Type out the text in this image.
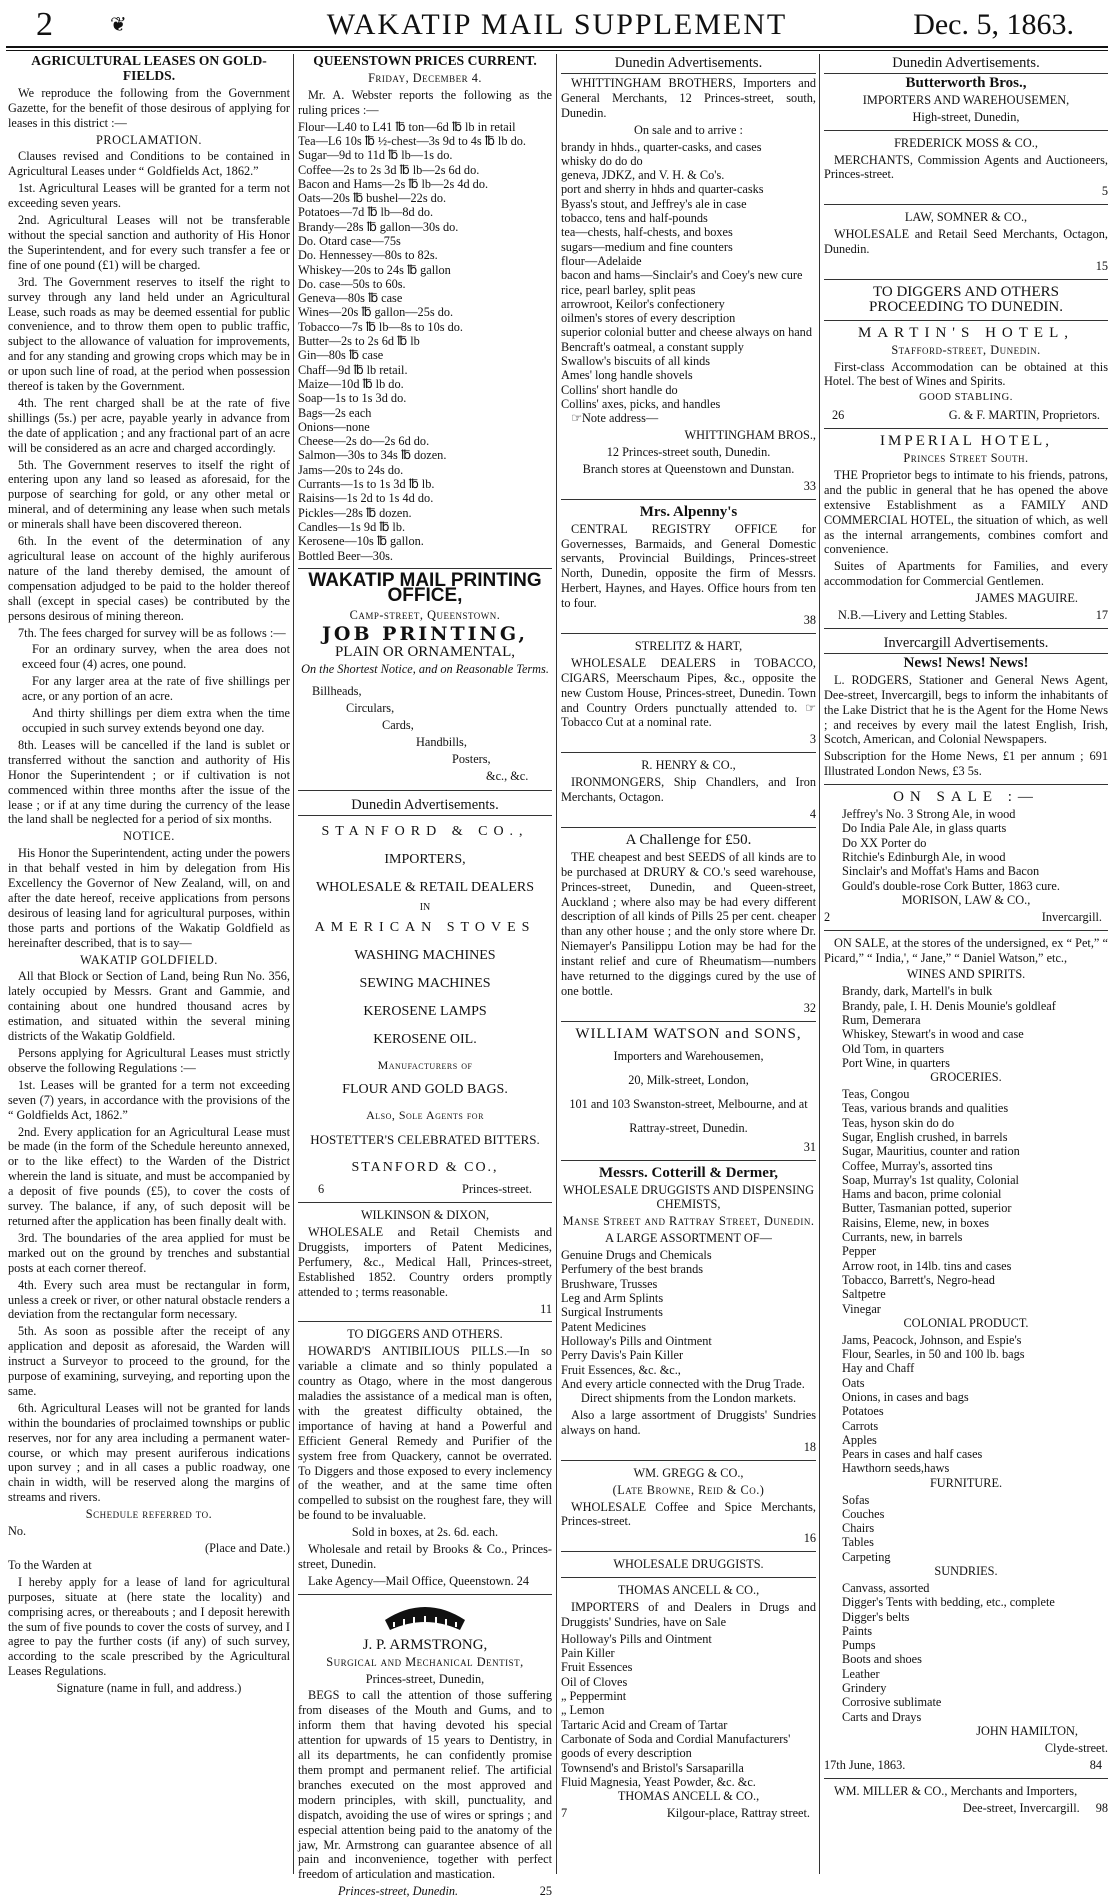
2	❦	WAKATIP MAIL SUPPLEMENT	Dec. 5, 1863.

AGRICULTURAL LEASES ON GOLD-FIELDS.

We reproduce the following from the Government Gazette, for the benefit of those desirous of applying for leases in this district :—

PROCLAMATION.

Clauses revised and Conditions to be contained in Agricultural Leases under “ Goldfields Act, 1862.”

1st. Agricultural Leases will be granted for a term not exceeding seven years.

2nd. Agricultural Leases will not be transferable without the special sanction and authority of His Honor the Superintendent, and for every such transfer a fee or fine of one pound (£1) will be charged.

3rd. The Government reserves to itself the right to survey through any land held under an Agricultural Lease, such roads as may be deemed essential for public convenience, and to throw them open to public traffic, subject to the allowance of valuation for improvements, and for any standing and growing crops which may be in or upon such line of road, at the period when possession thereof is taken by the Government.

4th. The rent charged shall be at the rate of five shillings (5s.) per acre, payable yearly in advance from the date of application ; and any fractional part of an acre will be considered as an acre and charged accordingly.

5th. The Government reserves to itself the right of entering upon any land so leased as aforesaid, for the purpose of searching for gold, or any other metal or mineral, and of determining any lease when such metals or minerals shall have been discovered thereon.

6th. In the event of the determination of any agricultural lease on account of the highly auriferous nature of the land thereby demised, the amount of compensation adjudged to be paid to the holder thereof shall (except in special cases) be contributed by the persons desirous of mining thereon.

7th. The fees charged for survey will be as follows :—

For an ordinary survey, when the area does not exceed four (4) acres, one pound.

For any larger area at the rate of five shillings per acre, or any portion of an acre.

And thirty shillings per diem extra when the time occupied in such survey extends beyond one day.

8th. Leases will be cancelled if the land is sublet or transferred without the sanction and authority of His Honor the Superintendent ; or if cultivation is not commenced within three months after the issue of the lease ; or if at any time during the currency of the lease the land shall be neglected for a period of six months.

NOTICE.

His Honor the Superintendent, acting under the powers in that behalf vested in him by delegation from His Excellency the Governor of New Zealand, will, on and after the date hereof, receive applications from persons desirous of leasing land for agricultural purposes, within those parts and portions of the Wakatip Goldfield as hereinafter described, that is to say—

WAKATIP GOLDFIELD.

All that Block or Section of Land, being Run No. 356, lately occupied by Messrs. Grant and Gammie, and containing about one hundred thousand acres by estimation, and situated within the several mining districts of the Wakatip Goldfield.

Persons applying for Agricultural Leases must strictly observe the following Regulations :—

1st. Leases will be granted for a term not exceeding seven (7) years, in accordance with the provisions of the “ Goldfields Act, 1862.”

2nd. Every application for an Agricultural Lease must be made (in the form of the Schedule hereunto annexed, or to the like effect) to the Warden of the District wherein the land is situate, and must be accompanied by a deposit of five pounds (£5), to cover the costs of survey. The balance, if any, of such deposit will be returned after the application has been finally dealt with.

3rd. The boundaries of the area applied for must be marked out on the ground by trenches and substantial posts at each corner thereof.

4th. Every such area must be rectangular in form, unless a creek or river, or other natural obstacle renders a deviation from the rectangular form necessary.

5th. As soon as possible after the receipt of any application and deposit as aforesaid, the Warden will instruct a Surveyor to proceed to the ground, for the purpose of examining, surveying, and reporting upon the same.

6th. Agricultural Leases will not be granted for lands within the boundaries of proclaimed townships or public reserves, nor for any area including a permanent water-course, or which may present auriferous indications upon survey ; and in all cases a public roadway, one chain in width, will be reserved along the margins of streams and rivers.

Schedule referred to.

No.

(Place and Date.)

To the Warden at

I hereby apply for a lease of land for agricultural purposes, situate at (here state the locality) and comprising acres, or thereabouts ; and I deposit herewith the sum of five pounds to cover the costs of survey, and I agree to pay the further costs (if any) of such survey, according to the scale prescribed by the Agricultural Leases Regulations.

Signature (name in full, and address.)

QUEENSTOWN PRICES CURRENT.

Friday, December 4.

Mr. A. Webster reports the following as the ruling prices :—

Flour—L40 to L41 ℔ ton—6d ℔ lb in retail
Tea—L6 10s ℔ ½-chest—3s 9d to 4s ℔ lb do.
Sugar—9d to 11d ℔ lb—1s do.
Coffee—2s to 2s 3d ℔ lb—2s 6d do.
Bacon and Hams—2s ℔ lb—2s 4d do.
Oats—20s ℔ bushel—22s do.
Potatoes—7d ℔ lb—8d do.
Brandy—28s ℔ gallon—30s do.
Do. Otard case—75s
Do. Hennessey—80s to 82s.
Whiskey—20s to 24s ℔ gallon
Do. case—50s to 60s.
Geneva—80s ℔ case
Wines—20s ℔ gallon—25s do.
Tobacco—7s ℔ lb—8s to 10s do.
Butter—2s to 2s 6d ℔ lb
Gin—80s ℔ case
Chaff—9d ℔ lb retail.
Maize—10d ℔ lb do.
Soap—1s to 1s 3d do.
Bags—2s each
Onions—none
Cheese—2s do—2s 6d do.
Salmon—30s to 34s ℔ dozen.
Jams—20s to 24s do.
Currants—1s to 1s 3d ℔ lb.
Raisins—1s 2d to 1s 4d do.
Pickles—28s ℔ dozen.
Candles—1s 9d ℔ lb.
Kerosene—10s ℔ gallon.
Bottled Beer—30s.
WAKATIP MAIL PRINTING OFFICE,

Camp-street, Queenstown.

JOB PRINTING,

PLAIN OR ORNAMENTAL,

On the Shortest Notice, and on Reasonable Terms.

Billheads,
Circulars,
Cards,
Handbills,
Posters,
&c., &c.

Dunedin Advertisements.

STANFORD & CO.,
IMPORTERS,
WHOLESALE & RETAIL DEALERS
IN
AMERICAN STOVES
WASHING MACHINES
SEWING MACHINES
KEROSENE LAMPS
KEROSENE OIL.
Manufacturers of
FLOUR AND GOLD BAGS.
Also, Sole Agents for
HOSTETTER'S CELEBRATED BITTERS.
STANFORD & CO.,
6	Princes-street.

WILKINSON & DIXON,

WHOLESALE and Retail Chemists and Druggists, importers of Patent Medicines, Perfumery, &c., Medical Hall, Princes-street, Established 1852. Country orders promptly attended to ; terms reasonable.

11

TO DIGGERS AND OTHERS.

HOWARD'S ANTIBILIOUS PILLS.—In so variable a climate and so thinly populated a country as Otago, where in the most dangerous maladies the assistance of a medical man is often, with the greatest difficulty obtained, the importance of having at hand a Powerful and Efficient General Remedy and Purifier of the system free from Quackery, cannot be overrated. To Diggers and those exposed to every inclemency of the weather, and at the same time often compelled to subsist on the roughest fare, they will be found to be invaluable.

Sold in boxes, at 2s. 6d. each.

Wholesale and retail by Brooks & Co., Princes-street, Dunedin.

Lake Agency—Mail Office, Queenstown. 24

J. P. ARMSTRONG,

Surgical and Mechanical Dentist,

Princes-street, Dunedin,

BEGS to call the attention of those suffering from diseases of the Mouth and Gums, and to inform them that having devoted his special attention for upwards of 15 years to Dentistry, in all its departments, he can confidently promise them prompt and permanent relief. The artificial branches executed on the most approved and modern principles, with skill, punctuality, and dispatch, avoiding the use of wires or springs ; and especial attention being paid to the anatomy of the jaw, Mr. Armstrong can guarantee absence of all pain and inconvenience, together with perfect freedom of articulation and mastication.

Princes-street, Dunedin.	25

Dunedin Advertisements.

WHITTINGHAM BROTHERS, Importers and General Merchants, 12 Princes-street, south, Dunedin.

On sale and to arrive :

brandy in hhds., quarter-casks, and cases
whisky do do do
geneva, JDKZ, and V. H. & Co's.
port and sherry in hhds and quarter-casks
Byass's stout, and Jeffrey's ale in case
tobacco, tens and half-pounds
tea—chests, half-chests, and boxes
sugars—medium and fine counters
flour—Adelaide
bacon and hams—Sinclair's and Coey's new cure
rice, pearl barley, split peas
arrowroot, Keilor's confectionery
oilmen's stores of every description
superior colonial butter and cheese always on hand
Bencraft's oatmeal, a constant supply
Swallow's biscuits of all kinds
Ames' long handle shovels
Collins' short handle do
Collins' axes, picks, and handles

☞Note address—

WHITTINGHAM BROS.,

12 Princes-street south, Dunedin.

Branch stores at Queenstown and Dunstan.

33

Mrs. Alpenny's

CENTRAL REGISTRY OFFICE for Governesses, Barmaids, and General Domestic servants, Provincial Buildings, Princes-street North, Dunedin, opposite the firm of Messrs. Herbert, Haynes, and Hayes. Office hours from ten to four.

38

STRELITZ & HART,

WHOLESALE DEALERS in TOBACCO, CIGARS, Meerschaum Pipes, &c., opposite the new Custom House, Princes-street, Dunedin. Town and Country Orders punctually attended to. ☞ Tobacco Cut at a nominal rate.

3

R. HENRY & CO.,

IRONMONGERS, Ship Chandlers, and Iron Merchants, Octagon.

4

A Challenge for £50.

THE cheapest and best SEEDS of all kinds are to be purchased at DRURY & CO.'s seed warehouse, Princes-street, Dunedin, and Queen-street, Auckland ; where also may be had every different description of all kinds of Pills 25 per cent. cheaper than any other house ; and the only store where Dr. Niemayer's Pansilippu Lotion may be had for the instant relief and cure of Rheumatism—numbers have returned to the diggings cured by the use of one bottle.

32

WILLIAM WATSON and SONS,

Importers and Warehousemen,
20, Milk-street, London,
101 and 103 Swanston-street, Melbourne, and at
Rattray-street, Dunedin.

31

Messrs. Cotterill & Dermer,

WHOLESALE DRUGGISTS AND DISPENSING CHEMISTS,

Manse Street and Rattray Street, Dunedin.

A LARGE ASSORTMENT OF—

Genuine Drugs and Chemicals
Perfumery of the best brands
Brushware, Trusses
Leg and Arm Splints
Surgical Instruments
Patent Medicines
Holloway's Pills and Ointment
Perry Davis's Pain Killer
Fruit Essences, &c. &c.,
And every article connected with the Drug Trade.

Direct shipments from the London markets.

Also a large assortment of Druggists' Sundries always on hand.

18

WM. GREGG & CO.,

(Late Browne, Reid & Co.)

WHOLESALE Coffee and Spice Merchants, Princes-street.

16

WHOLESALE DRUGGISTS.

THOMAS ANCELL & CO.,

IMPORTERS of and Dealers in Drugs and Druggists' Sundries, have on Sale

Holloway's Pills and Ointment
Pain Killer
Fruit Essences
Oil of Cloves
„ Peppermint
„ Lemon
Tartaric Acid and Cream of Tartar
Carbonate of Soda and Cordial Manufacturers' goods of every description
Townsend's and Bristol's Sarsaparilla
Fluid Magnesia, Yeast Powder, &c. &c.

THOMAS ANCELL & CO.,

7	Kilgour-place, Rattray street.

Dunedin Advertisements.

Butterworth Bros.,

IMPORTERS AND WAREHOUSEMEN,

High-street, Dunedin,

FREDERICK MOSS & CO.,

MERCHANTS, Commission Agents and Auctioneers, Princes-street.

5

LAW, SOMNER & CO.,

WHOLESALE and Retail Seed Merchants, Octagon, Dunedin.

15

TO DIGGERS AND OTHERS PROCEEDING TO DUNEDIN.

MARTIN'S HOTEL,

Stafford-street, Dunedin.

First-class Accommodation can be obtained at this Hotel. The best of Wines and Spirits.

GOOD STABLING.

26	G. & F. MARTIN, Proprietors.

IMPERIAL HOTEL,

Princes Street South.

THE Proprietor begs to intimate to his friends, patrons, and the public in general that he has opened the above extensive Establishment as a FAMILY AND COMMERCIAL HOTEL, the situation of which, as well as the internal arrangements, combines comfort and convenience.

Suites of Apartments for Families, and every accommodation for Commercial Gentlemen.

JAMES MAGUIRE.

N.B.—Livery and Letting Stables.	17

Invercargill Advertisements.

News! News! News!

L. RODGERS, Stationer and General News Agent, Dee-street, Invercargill, begs to inform the inhabitants of the Lake District that he is the Agent for the Home News ; and receives by every mail the latest English, Irish, Scotch, American, and Colonial Newspapers.

Subscription for the Home News, £1 per annum ; Illustrated London News, £3 5s.
691

ON SALE :—

Jeffrey's No. 3 Strong Ale, in wood
Do India Pale Ale, in glass quarts
Do XX Porter do
Ritchie's Edinburgh Ale, in wood
Sinclair's and Moffat's Hams and Bacon
Gould's double-rose Cork Butter, 1863 cure.

MORISON, LAW & CO.,

2	Invercargill.

ON SALE, at the stores of the undersigned, ex “ Pet,” “ Picard,” “ India,', “ Jane,” “ Daniel Watson,” etc.,

WINES AND SPIRITS.

Brandy, dark, Martell's in bulk
Brandy, pale, I. H. Denis Mounie's goldleaf
Rum, Demerara
Whiskey, Stewart's in wood and case
Old Tom, in quarters
Port Wine, in quarters

GROCERIES.

Teas, Congou
Teas, various brands and qualities
Teas, hyson skin do do
Sugar, English crushed, in barrels
Sugar, Mauritius, counter and ration
Coffee, Murray's, assorted tins
Soap, Murray's 1st quality, Colonial
Hams and bacon, prime colonial
Butter, Tasmanian potted, superior
Raisins, Eleme, new, in boxes
Currants, new, in barrels
Pepper
Arrow root, in 14lb. tins and cases
Tobacco, Barrett's, Negro-head
Saltpetre
Vinegar

COLONIAL PRODUCT.

Jams, Peacock, Johnson, and Espie's
Flour, Searles, in 50 and 100 lb. bags
Hay and Chaff
Oats
Onions, in cases and bags
Potatoes
Carrots
Apples
Pears in cases and half cases
Hawthorn seeds,haws

FURNITURE.

Sofas
Couches
Chairs
Tables
Carpeting

SUNDRIES.

Canvass, assorted
Digger's Tents with bedding, etc., complete
Digger's belts
Paints
Pumps
Boots and shoes
Leather
Grindery
Corrosive sublimate
Carts and Drays

JOHN HAMILTON,

Clyde-street.

17th June, 1863.	84

WM. MILLER & CO., Merchants and Importers,

Dee-street, Invercargill. 98
